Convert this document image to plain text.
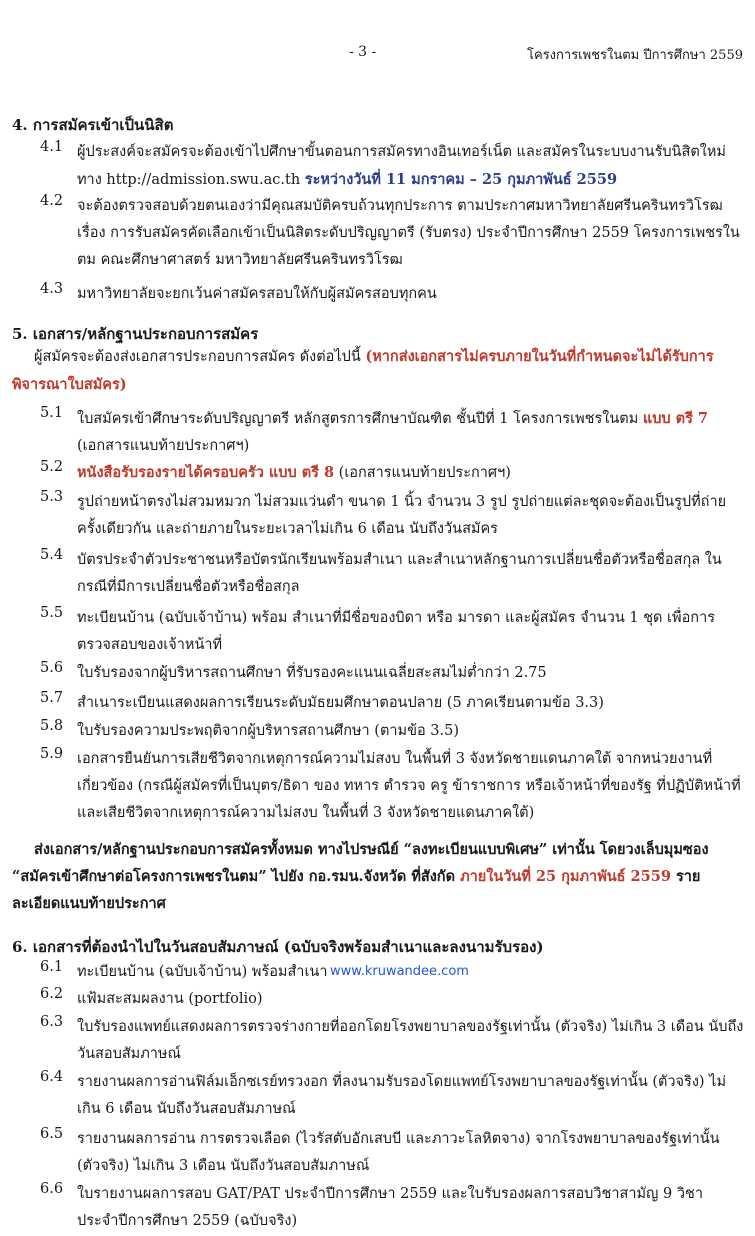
- 3 -	โครงการเพชรในตม ปีการศึกษา 2559
4. การสมัครเข้าเป็นนิสิต
4.1 ผู้ประสงค์จะสมัครจะต้องเข้าไปศึกษาขั้นตอนการสมัครทางอินเทอร์เน็ต และสมัครในระบบงานรับนิสิตใหม่ทาง http://admission.swu.ac.th ระหว่างวันที่ 11 มกราคม – 25 กุมภาพันธ์ 2559
4.2 จะต้องตรวจสอบด้วยตนเองว่ามีคุณสมบัติครบถ้วนทุกประการ ตามประกาศมหาวิทยาลัยศรีนครินทรวิโรฒ เรื่อง การรับสมัครคัดเลือกเข้าเป็นนิสิตระดับปริญญาตรี (รับตรง) ประจำปีการศึกษา 2559 โครงการเพชรในตม คณะศึกษาศาสตร์ มหาวิทยาลัยศรีนครินทรวิโรฒ
4.3 มหาวิทยาลัยจะยกเว้นค่าสมัครสอบให้กับผู้สมัครสอบทุกคน
5. เอกสาร/หลักฐานประกอบการสมัคร
ผู้สมัครจะต้องส่งเอกสารประกอบการสมัคร ดังต่อไปนี้ (หากส่งเอกสารไม่ครบภายในวันที่กำหนดจะไม่ได้รับการพิจารณาใบสมัคร)
5.1 ใบสมัครเข้าศึกษาระดับปริญญาตรี หลักสูตรการศึกษาบัณฑิต ชั้นปีที่ 1 โครงการเพชรในตม แบบ ตรี 7 (เอกสารแนบท้ายประกาศฯ)
5.2 หนังสือรับรองรายได้ครอบครัว แบบ ตรี 8 (เอกสารแนบท้ายประกาศฯ)
5.3 รูปถ่ายหน้าตรงไม่สวมหมวก ไม่สวมแว่นดำ ขนาด 1 นิ้ว จำนวน 3 รูป รูปถ่ายแต่ละชุดจะต้องเป็นรูปที่ถ่ายครั้งเดียวกัน และถ่ายภายในระยะเวลาไม่เกิน 6 เดือน นับถึงวันสมัคร
5.4 บัตรประจำตัวประชาชนหรือบัตรนักเรียนพร้อมสำเนา และสำเนาหลักฐานการเปลี่ยนชื่อตัวหรือชื่อสกุล ในกรณีที่มีการเปลี่ยนชื่อตัวหรือชื่อสกุล
5.5 ทะเบียนบ้าน (ฉบับเจ้าบ้าน) พร้อม สำเนาที่มีชื่อของบิดา หรือ มารดา และผู้สมัคร จำนวน 1 ชุด เพื่อการตรวจสอบของเจ้าหน้าที่
5.6 ใบรับรองจากผู้บริหารสถานศึกษา ที่รับรองคะแนนเฉลี่ยสะสมไม่ต่ำกว่า 2.75
5.7 สำเนาระเบียนแสดงผลการเรียนระดับมัธยมศึกษาตอนปลาย (5 ภาคเรียนตามข้อ 3.3)
5.8 ใบรับรองความประพฤติจากผู้บริหารสถานศึกษา (ตามข้อ 3.5)
5.9 เอกสารยืนยันการเสียชีวิตจากเหตุการณ์ความไม่สงบ ในพื้นที่ 3 จังหวัดชายแดนภาคใต้ จากหน่วยงานที่เกี่ยวข้อง (กรณีผู้สมัครที่เป็นบุตร/ธิดา ของ ทหาร ตำรวจ ครู ข้าราชการ หรือเจ้าหน้าที่ของรัฐ ที่ปฏิบัติหน้าที่และเสียชีวิตจากเหตุการณ์ความไม่สงบ ในพื้นที่ 3 จังหวัดชายแดนภาคใต้)
ส่งเอกสาร/หลักฐานประกอบการสมัครทั้งหมด ทางไปรษณีย์ “ลงทะเบียนแบบพิเศษ” เท่านั้น โดยวงเล็บมุมซอง “สมัครเข้าศึกษาต่อโครงการเพชรในตม” ไปยัง กอ.รมน.จังหวัด ที่สังกัด ภายในวันที่ 25 กุมภาพันธ์ 2559 รายละเอียดแนบท้ายประกาศ
6. เอกสารที่ต้องนำไปในวันสอบสัมภาษณ์ (ฉบับจริงพร้อมสำเนาและลงนามรับรอง)
6.1 ทะเบียนบ้าน (ฉบับเจ้าบ้าน) พร้อมสำเนา www.kruwandee.com
6.2 แฟ้มสะสมผลงาน (portfolio)
6.3 ใบรับรองแพทย์แสดงผลการตรวจร่างกายที่ออกโดยโรงพยาบาลของรัฐเท่านั้น (ตัวจริง) ไม่เกิน 3 เดือน นับถึงวันสอบสัมภาษณ์
6.4 รายงานผลการอ่านฟิล์มเอ็กซเรย์ทรวงอก ที่ลงนามรับรองโดยแพทย์โรงพยาบาลของรัฐเท่านั้น (ตัวจริง) ไม่เกิน 6 เดือน นับถึงวันสอบสัมภาษณ์
6.5 รายงานผลการอ่าน การตรวจเลือด (ไวรัสตับอักเสบบี และภาวะโลหิตจาง) จากโรงพยาบาลของรัฐเท่านั้น (ตัวจริง) ไม่เกิน 3 เดือน นับถึงวันสอบสัมภาษณ์
6.6 ใบรายงานผลการสอบ GAT/PAT ประจำปีการศึกษา 2559 และใบรับรองผลการสอบวิชาสามัญ 9 วิชา ประจำปีการศึกษา 2559 (ฉบับจริง)
